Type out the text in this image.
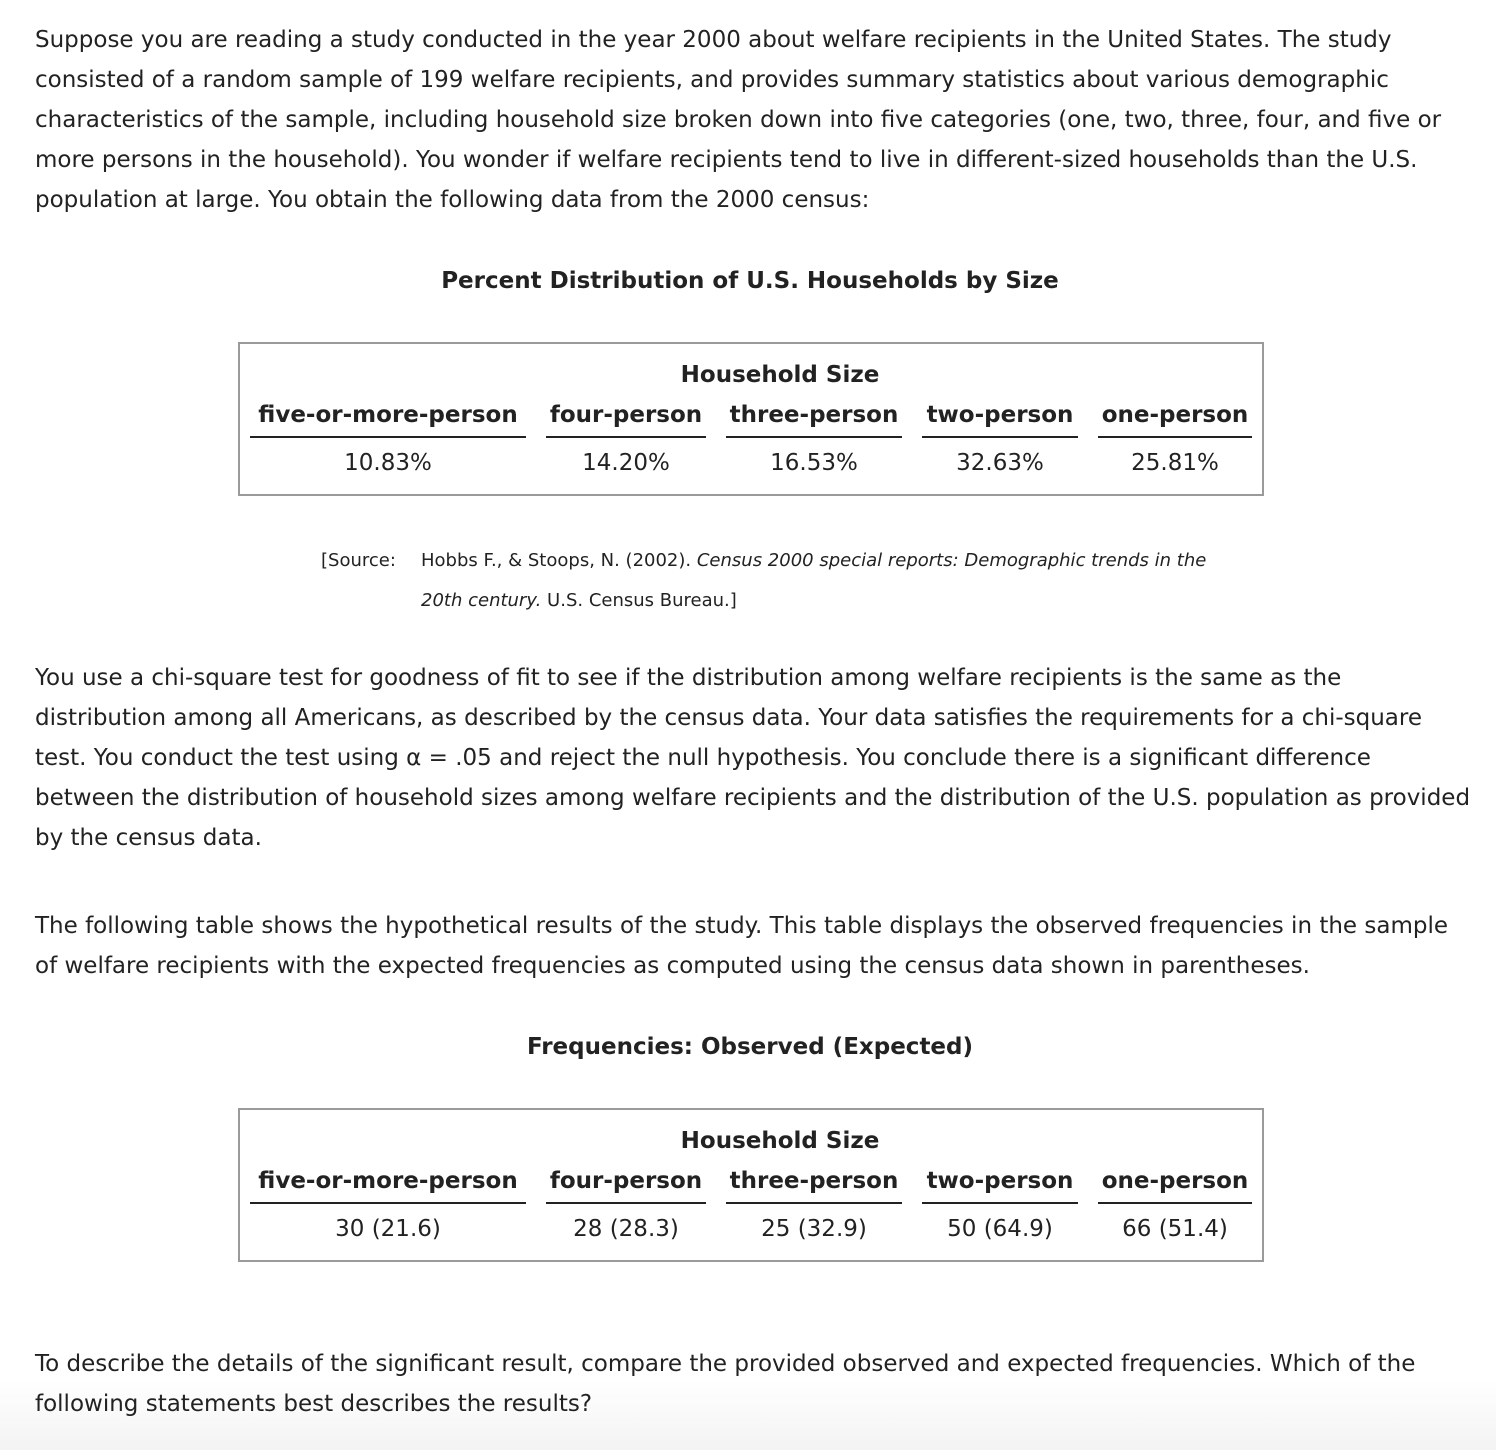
Suppose you are reading a study conducted in the year 2000 about welfare recipients in the United States. The study consisted of a random sample of 199 welfare recipients, and provides summary statistics about various demographic characteristics of the sample, including household size broken down into five categories (one, two, three, four, and five or more persons in the household). You wonder if welfare recipients tend to live in different-sized households than the U.S. population at large. You obtain the following data from the 2000 census:

Percent Distribution of U.S. Households by Size
Household Size
five-or-more-person
10.83%
four-person
14.20%
three-person
16.53%
two-person
32.63%
one-person
25.81%
[Source: Hobbs F., & Stoops, N. (2002). Census 2000 special reports: Demographic trends in the 20th century. U.S. Census Bureau.]

You use a chi-square test for goodness of fit to see if the distribution among welfare recipients is the same as the distribution among all Americans, as described by the census data. Your data satisfies the requirements for a chi-square test. You conduct the test using α = .05 and reject the null hypothesis. You conclude there is a significant difference between the distribution of household sizes among welfare recipients and the distribution of the U.S. population as provided by the census data.

The following table shows the hypothetical results of the study. This table displays the observed frequencies in the sample of welfare recipients with the expected frequencies as computed using the census data shown in parentheses.

Frequencies: Observed (Expected)
Household Size
five-or-more-person
30 (21.6)
four-person
28 (28.3)
three-person
25 (32.9)
two-person
50 (64.9)
one-person
66 (51.4)

To describe the details of the significant result, compare the provided observed and expected frequencies. Which of the following statements best describes the results?
